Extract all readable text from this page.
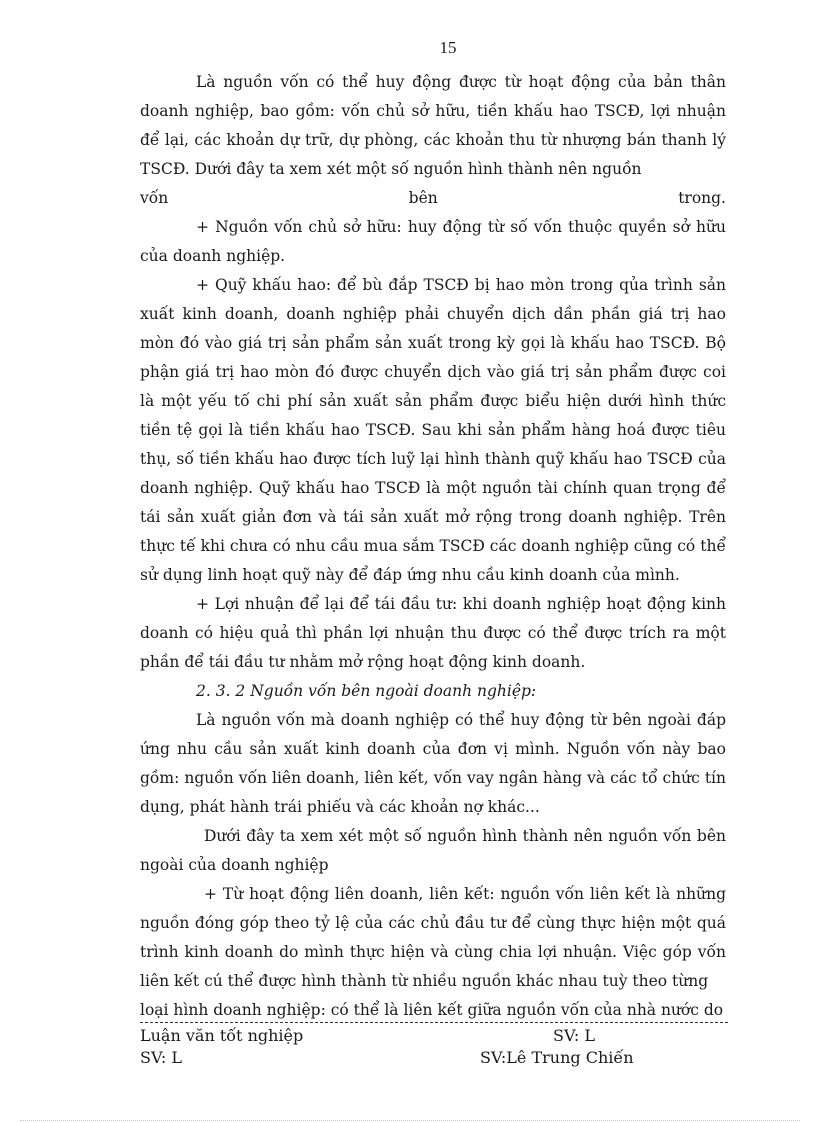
15

Là nguồn vốn có thể huy động được từ hoạt động của bản thân doanh nghiệp, bao gồm: vốn chủ sở hữu, tiền khấu hao TSCĐ, lợi nhuận để lại, các khoản dự trữ, dự phòng, các khoản thu từ nhượng bán thanh lý TSCĐ. Dưới đây ta xem xét một số nguồn hình thành nên nguồn

vốn	bên	trong.

+ Nguồn vốn chủ sở hữu: huy động từ số vốn thuộc quyền sở hữu của doanh nghiệp.

+ Quỹ khấu hao: để bù đắp TSCĐ bị hao mòn trong qủa trình sản xuất kinh doanh, doanh nghiệp phải chuyển dịch dần phần giá trị hao mòn đó vào giá trị sản phẩm sản xuất trong kỳ gọi là khấu hao TSCĐ. Bộ phận giá trị hao mòn đó được chuyển dịch vào giá trị sản phẩm được coi là một yếu tố chi phí sản xuất sản phẩm được biểu hiện dưới hình thức tiền tệ gọi là tiền khấu hao TSCĐ. Sau khi sản phẩm hàng hoá được tiêu thụ, số tiền khấu hao được tích luỹ lại hình thành quỹ khấu hao TSCĐ của doanh nghiệp. Quỹ khấu hao TSCĐ là một nguồn tài chính quan trọng để tái sản xuất giản đơn và tái sản xuất mở rộng trong doanh nghiệp. Trên thực tế khi chưa có nhu cầu mua sắm TSCĐ các doanh nghiệp cũng có thể sử dụng linh hoạt quỹ này để đáp ứng nhu cầu kinh doanh của mình.

+ Lợi nhuận để lại để tái đầu tư: khi doanh nghiệp hoạt động kinh doanh có hiệu quả thì phần lợi nhuận thu được có thể được trích ra một phần để tái đầu tư nhằm mở rộng hoạt động kinh doanh.

2. 3. 2 Nguồn vốn bên ngoài doanh nghiệp:

Là nguồn vốn mà doanh nghiệp có thể huy động từ bên ngoài đáp ứng nhu cầu sản xuất kinh doanh của đơn vị mình. Nguồn vốn này bao gồm: nguồn vốn liên doanh, liên kết, vốn vay ngân hàng và các tổ chức tín dụng, phát hành trái phiếu và các khoản nợ khác...

Dưới đây ta xem xét một số nguồn hình thành nên nguồn vốn bên ngoài của doanh nghiệp

+ Từ hoạt động liên doanh, liên kết: nguồn vốn liên kết là những nguồn đóng góp theo tỷ lệ của các chủ đầu tư để cùng thực hiện một quá trình kinh doanh do mình thực hiện và cùng chia lợi nhuận. Việc góp vốn liên kết cú thể được hình thành từ nhiều nguồn khác nhau tuỳ theo từng

loại hình doanh nghiệp: có thể là liên kết giữa nguồn vốn của nhà nước do
Luận văn tốt nghiệp	SV: L
SV: L	SV:Lê Trung Chiến
